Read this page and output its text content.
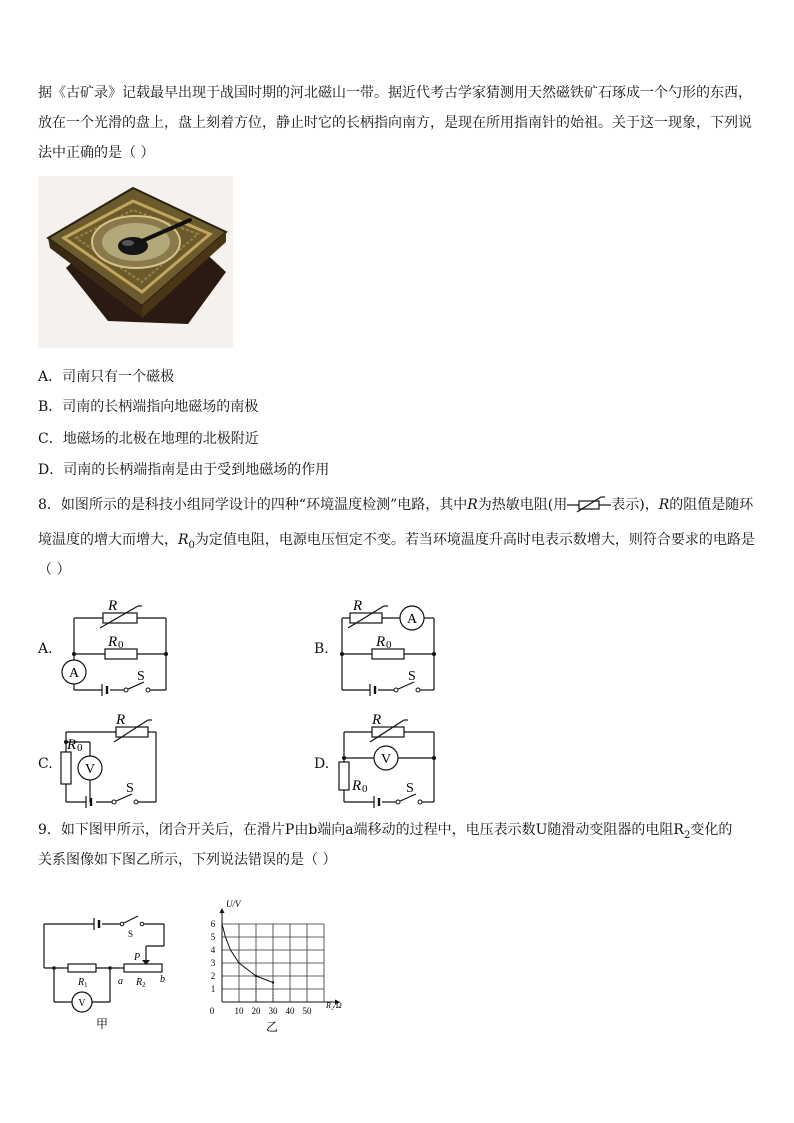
据《古矿录》记载最早出现于战国时期的河北磁山一带。据近代考古学家猜测用天然磁铁矿石琢成一个勺形的东西，
放在一个光滑的盘上，盘上刻着方位，静止时它的长柄指向南方，是现在所用指南针的始祖。关于这一现象，下列说
法中正确的是（ ）
A．司南只有一个磁极
B．司南的长柄端指向地磁场的南极
C．地磁场的北极在地理的北极附近
D．司南的长柄端指南是由于受到地磁场的作用
8．如图所示的是科技小组同学设计的四种“环境温度检测”电路，其中R为热敏电阻(用	表示)，R的阻值是随环
境温度的增大而增大，$R_0$为定值电阻，电源电压恒定不变。若当环境温度升高时电表示数增大，则符合要求的电路是
（ ）
A.
R
R 0
A	S
B.
R
R 0
A
S
C.
R
R 0
V
S
D.
R
V
R 0	S
9．如下图甲所示，闭合开关后，在滑片P由b端向a端移动的过程中，电压表示数U随滑动变阻器的电阻$R_2$变化的
关系图像如下图乙所示，下列说法错误的是（ ）
S
P
R 1	a R 2 b
V
甲
0 10 20 30 40 50
1
2
3
4
5
6
U/V
R₂/Ω
乙
